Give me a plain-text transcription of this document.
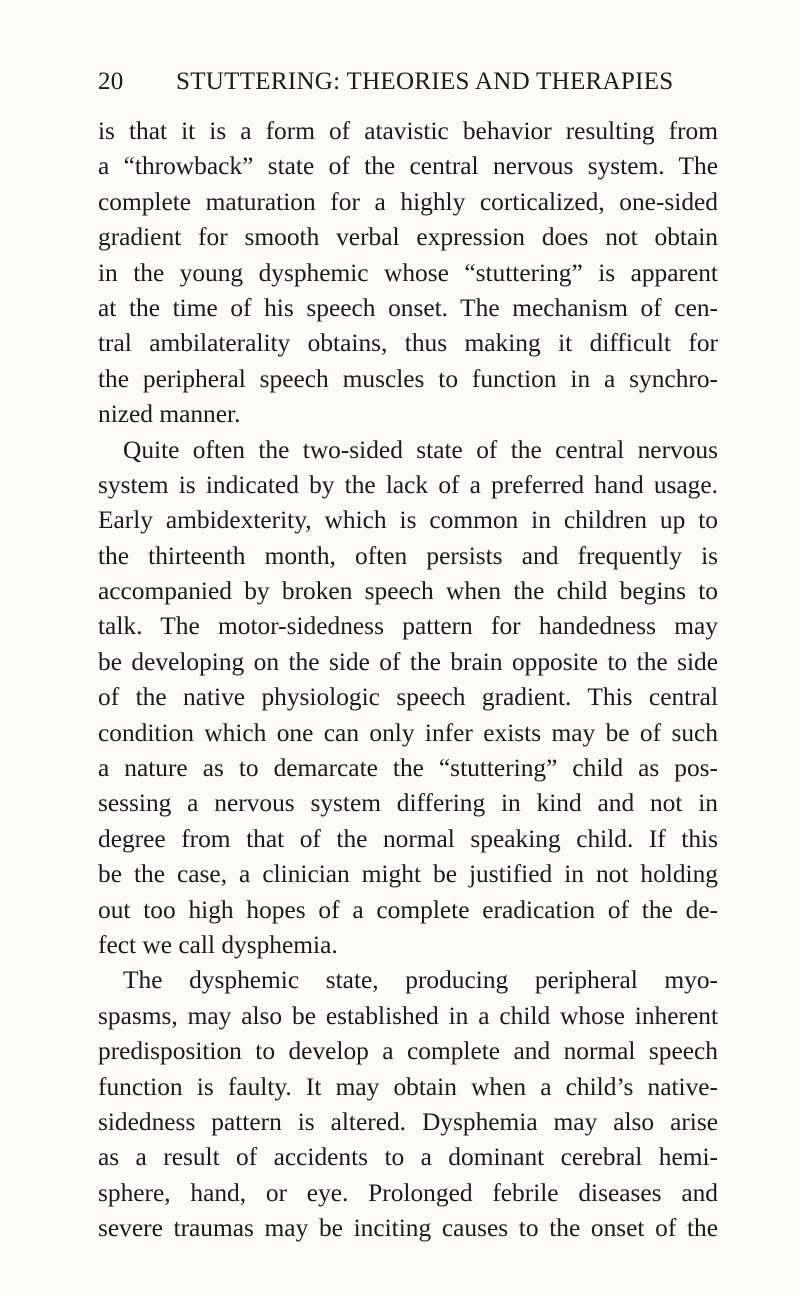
20 STUTTERING: THEORIES AND THERAPIES
is that it is a form of atavistic behavior resulting from
a “throwback” state of the central nervous system. The
complete maturation for a highly corticalized, one-sided
gradient for smooth verbal expression does not obtain
in the young dysphemic whose “stuttering” is apparent
at the time of his speech onset. The mechanism of cen-
tral ambilaterality obtains, thus making it difficult for
the peripheral speech muscles to function in a synchro-
nized manner.
Quite often the two-sided state of the central nervous
system is indicated by the lack of a preferred hand usage.
Early ambidexterity, which is common in children up to
the thirteenth month, often persists and frequently is
accompanied by broken speech when the child begins to
talk. The motor-sidedness pattern for handedness may
be developing on the side of the brain opposite to the side
of the native physiologic speech gradient. This central
condition which one can only infer exists may be of such
a nature as to demarcate the “stuttering” child as pos-
sessing a nervous system differing in kind and not in
degree from that of the normal speaking child. If this
be the case, a clinician might be justified in not holding
out too high hopes of a complete eradication of the de-
fect we call dysphemia.
The dysphemic state, producing peripheral myo-
spasms, may also be established in a child whose inherent
predisposition to develop a complete and normal speech
function is faulty. It may obtain when a child’s native-
sidedness pattern is altered. Dysphemia may also arise
as a result of accidents to a dominant cerebral hemi-
sphere, hand, or eye. Prolonged febrile diseases and
severe traumas may be inciting causes to the onset of the
